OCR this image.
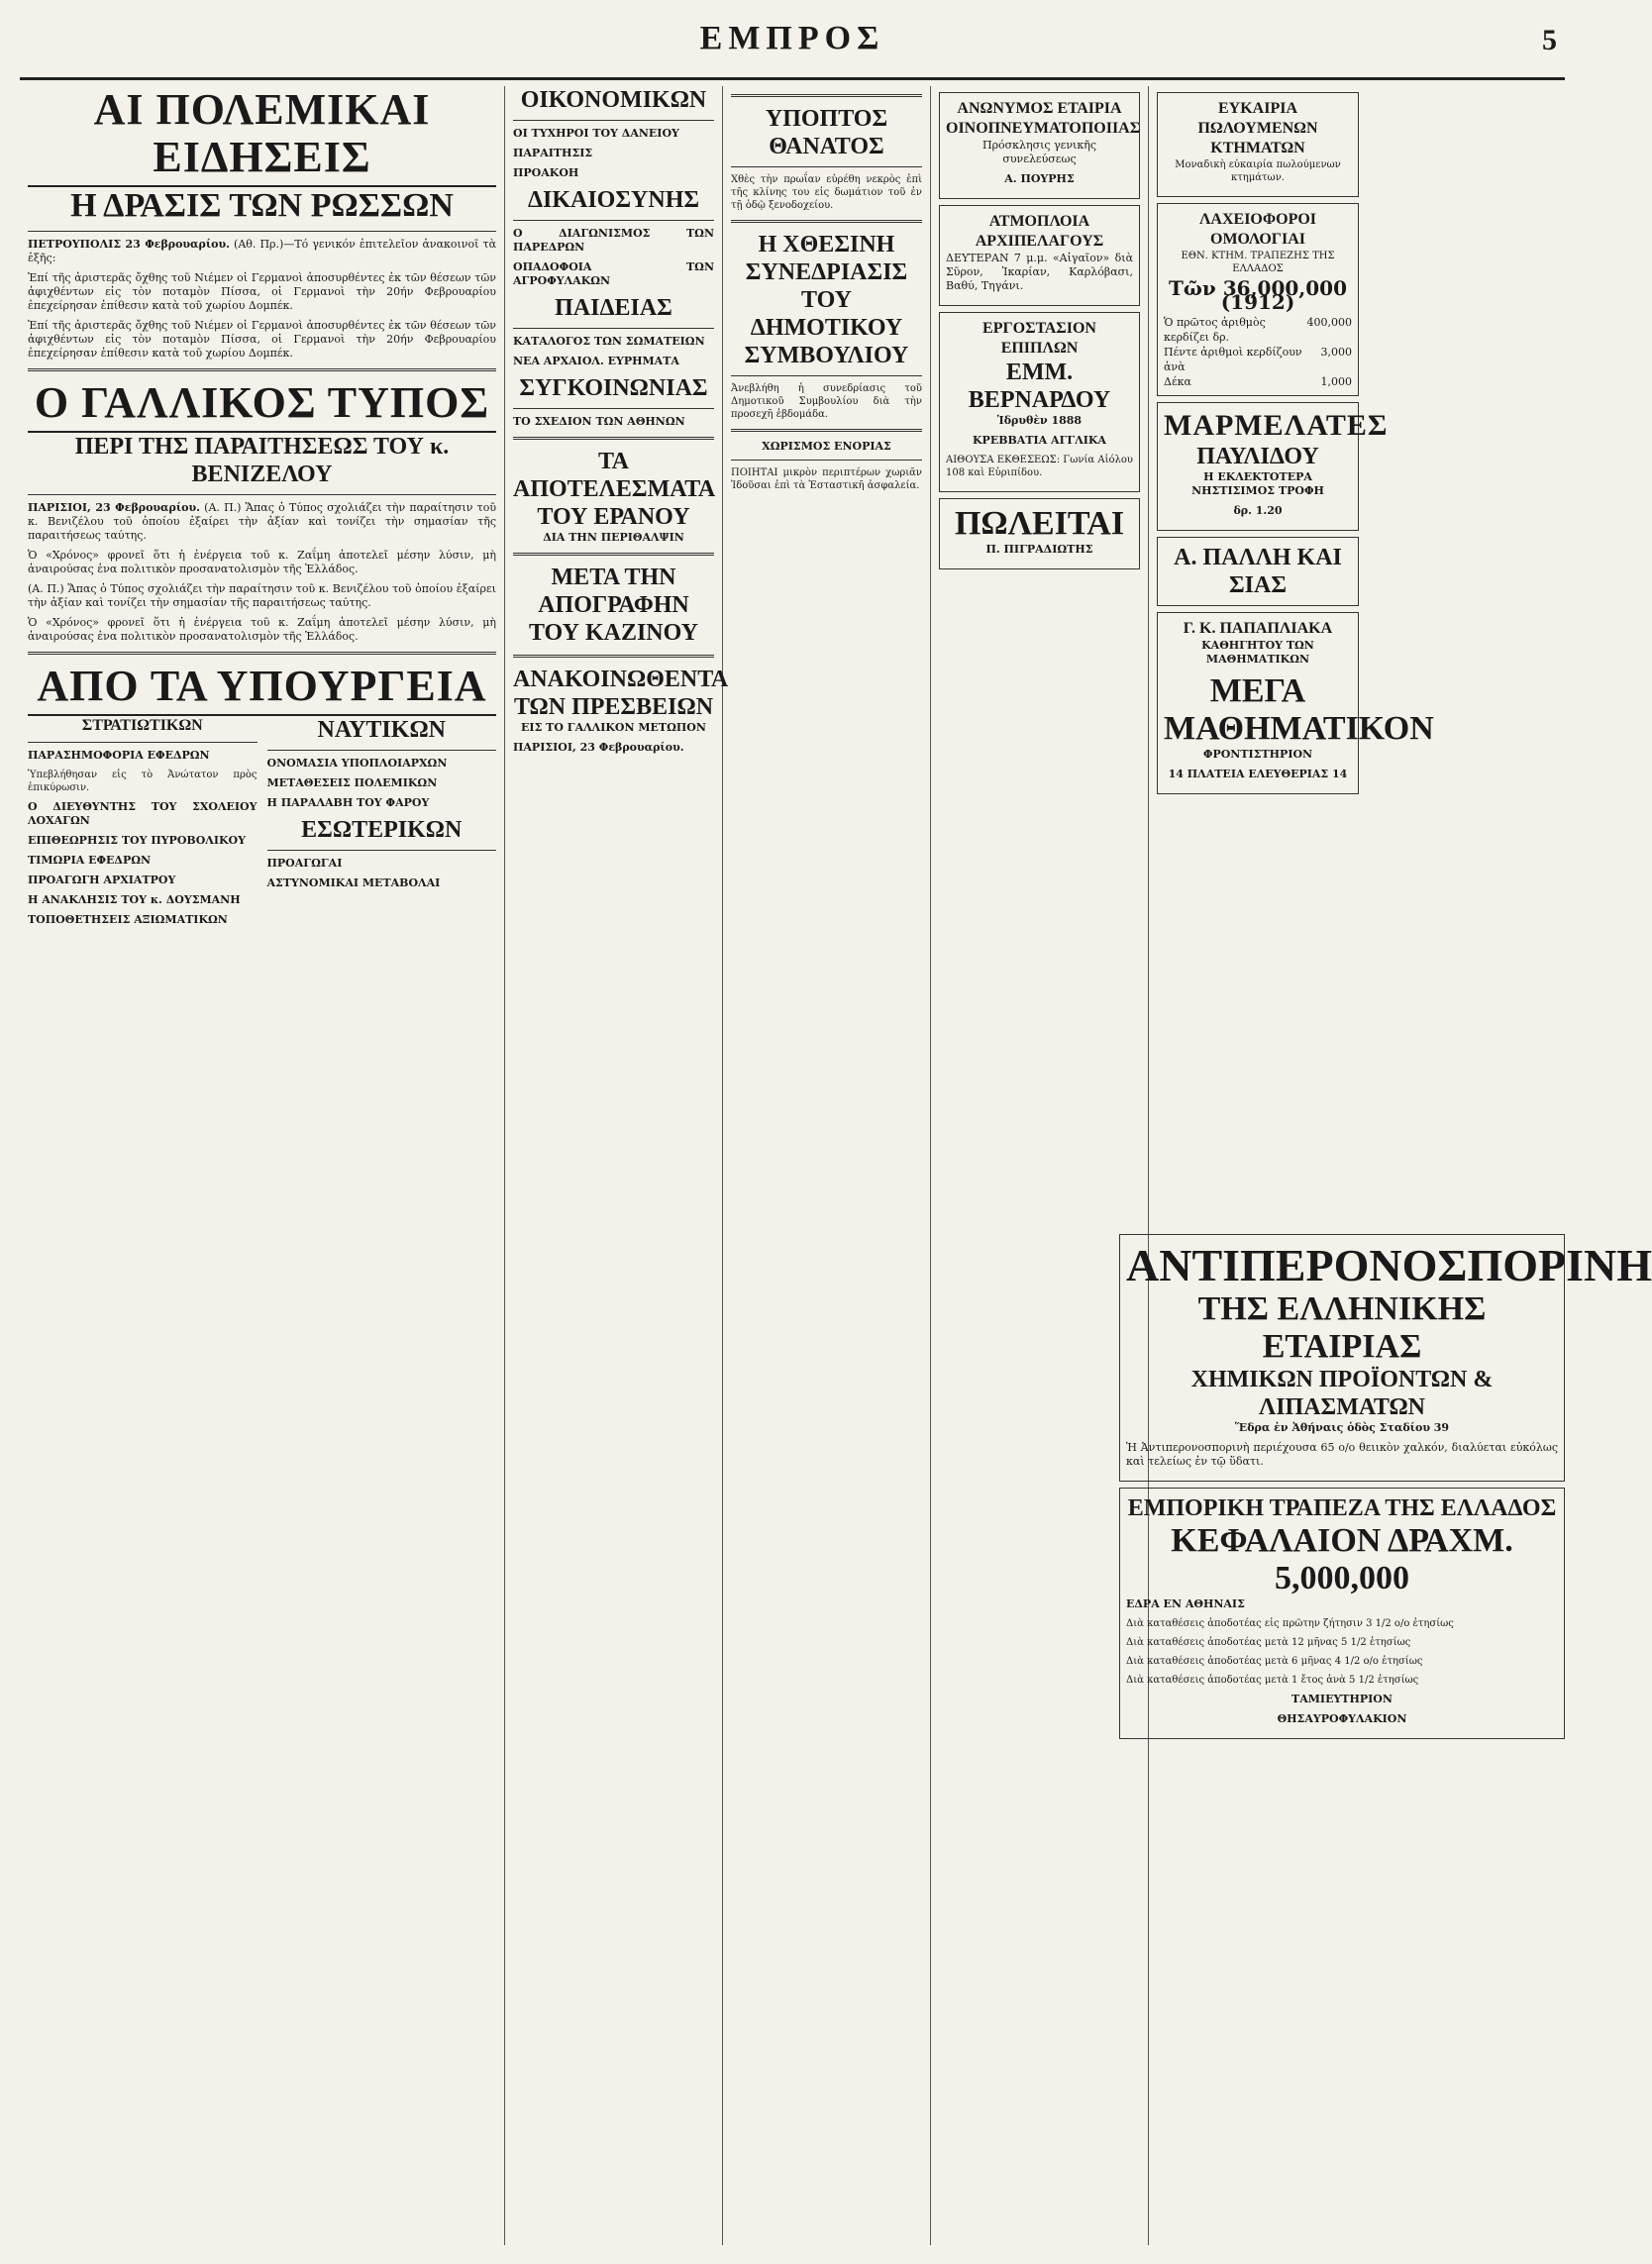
ΕΜΠΡΟΣ	5
ΑΙ ΠΟΛΕΜΙΚΑΙ ΕΙΔΗΣΕΙΣ
Η ΔΡΑΣΙΣ ΤΩΝ ΡΩΣΣΩΝ

ΠΕΤΡΟΥΠΟΛΙΣ 23 Φεβρουαρίου. (Αθ. Πρ.)—Τό γενικόν ἐπιτελεῖον ἀνακοινοῖ τὰ ἑξῆς:

Ἐπί τῆς ἀριστερᾶς ὄχθης τοῦ Νιέμεν οἱ Γερμανοὶ ἀποσυρθέντες ἐκ τῶν θέσεων τῶν ἀφιχθέντων εἰς τὸν ποταμὸν Πίσσα, οἱ Γερμανοὶ τὴν 20ήν Φεβρουαρίου ἐπεχείρησαν ἐπίθεσιν κατὰ τοῦ χωρίου Δομπέκ.

Ἐπί τῆς ἀριστερᾶς ὄχθης τοῦ Νιέμεν οἱ Γερμανοὶ ἀποσυρθέντες ἐκ τῶν θέσεων τῶν ἀφιχθέντων εἰς τὸν ποταμὸν Πίσσα, οἱ Γερμανοὶ τὴν 20ήν Φεβρουαρίου ἐπεχείρησαν ἐπίθεσιν κατὰ τοῦ χωρίου Δομπέκ.

Ο ΓΑΛΛΙΚΟΣ ΤΥΠΟΣ
ΠΕΡΙ ΤΗΣ ΠΑΡΑΙΤΗΣΕΩΣ ΤΟΥ κ. ΒΕΝΙΖΕΛΟΥ

ΠΑΡΙΣΙΟΙ, 23 Φεβρουαρίου. (Α. Π.) Ἅπας ὁ Τύπος σχολιάζει τὴν παραίτησιν τοῦ κ. Βενιζέλου τοῦ ὁποίου ἐξαίρει τὴν ἀξίαν καὶ τονίζει τὴν σημασίαν τῆς παραιτήσεως ταύτης.

Ὁ «Χρόνος» φρονεῖ ὅτι ἡ ἐνέργεια τοῦ κ. Ζαΐμη ἀποτελεῖ μέσην λύσιν, μὴ ἀναιρούσας ἐνα πολιτικὸν προσανατολισμὸν τῆς Ἑλλάδος.

(Α. Π.) Ἅπας ὁ Τύπος σχολιάζει τὴν παραίτησιν τοῦ κ. Βενιζέλου τοῦ ὁποίου ἐξαίρει τὴν ἀξίαν καὶ τονίζει τὴν σημασίαν τῆς παραιτήσεως ταύτης.

Ὁ «Χρόνος» φρονεῖ ὅτι ἡ ἐνέργεια τοῦ κ. Ζαΐμη ἀποτελεῖ μέσην λύσιν, μὴ ἀναιρούσας ἐνα πολιτικὸν προσανατολισμὸν τῆς Ἑλλάδος.

ΑΠΟ ΤΑ ΥΠΟΥΡΓΕΙΑ
ΣΤΡΑΤΙΩΤΙΚΩΝ

ΠΑΡΑΣΗΜΟΦΟΡΙΑ ΕΦΕΔΡΩΝ

Ὑπεβλήθησαν εἰς τὸ Ἀνώτατον πρὸς ἐπικύρωσιν.

Ο ΔΙΕΥΘΥΝΤΗΣ ΤΟΥ ΣΧΟΛΕΙΟΥ ΛΟΧΑΓΩΝ

ΕΠΙΘΕΩΡΗΣΙΣ ΤΟΥ ΠΥΡΟΒΟΛΙΚΟΥ

ΤΙΜΩΡΙΑ ΕΦΕΔΡΩΝ

ΠΡΟΑΓΩΓΗ ΑΡΧΙΑΤΡΟΥ

Η ΑΝΑΚΛΗΣΙΣ ΤΟΥ κ. ΔΟΥΣΜΑΝΗ

ΤΟΠΟΘΕΤΗΣΕΙΣ ΑΞΙΩΜΑΤΙΚΩΝ

ΝΑΥΤΙΚΩΝ

ΟΝΟΜΑΣΙΑ ΥΠΟΠΛΟΙΑΡΧΩΝ

ΜΕΤΑΘΕΣΕΙΣ ΠΟΛΕΜΙΚΩΝ

Η ΠΑΡΑΛΑΒΗ ΤΟΥ ΦΑΡΟΥ

ΕΣΩΤΕΡΙΚΩΝ

ΠΡΟΑΓΩΓΑΙ

ΑΣΤΥΝΟΜΙΚΑΙ ΜΕΤΑΒΟΛΑΙ

ΟΙΚΟΝΟΜΙΚΩΝ

ΟΙ ΤΥΧΗΡΟΙ ΤΟΥ ΔΑΝΕΙΟΥ

ΠΑΡΑΙΤΗΣΙΣ

ΠΡΟΑΚΟΗ

ΔΙΚΑΙΟΣΥΝΗΣ

Ο ΔΙΑΓΩΝΙΣΜΟΣ ΤΩΝ ΠΑΡΕΔΡΩΝ

ΟΠΑΔΟΦΟΙΑ ΤΩΝ ΑΓΡΟΦΥΛΑΚΩΝ

ΠΑΙΔΕΙΑΣ

ΚΑΤΑΛΟΓΟΣ ΤΩΝ ΣΩΜΑΤΕΙΩΝ

ΝΕΑ ΑΡΧΑΙΟΛ. ΕΥΡΗΜΑΤΑ

ΣΥΓΚΟΙΝΩΝΙΑΣ

ΤΟ ΣΧΕΔΙΟΝ ΤΩΝ ΑΘΗΝΩΝ

ΤΑ ΑΠΟΤΕΛΕΣΜΑΤΑ ΤΟΥ ΕΡΑΝΟΥ

ΔΙΑ ΤΗΝ ΠΕΡΙΘΑΛΨΙΝ

ΜΕΤΑ ΤΗΝ ΑΠΟΓΡΑΦΗΝ ΤΟΥ ΚΑΖΙΝΟΥ
ΑΝΑΚΟΙΝΩΘΕΝΤΑ ΤΩΝ ΠΡΕΣΒΕΙΩΝ

ΕΙΣ ΤΟ ΓΑΛΛΙΚΟΝ ΜΕΤΩΠΟΝ

ΠΑΡΙΣΙΟΙ, 23 Φεβρουαρίου.

ΥΠΟΠΤΟΣ ΘΑΝΑΤΟΣ

Χθὲς τὴν πρωΐαν εὑρέθη νεκρὸς ἐπὶ τῆς κλίνης του εἰς δωμάτιον τοῦ ἐν τῇ ὁδῷ ξενοδοχείου.

Η ΧΘΕΣΙΝΗ ΣΥΝΕΔΡΙΑΣΙΣ ΤΟΥ ΔΗΜΟΤΙΚΟΥ ΣΥΜΒΟΥΛΙΟΥ

Ἀνεβλήθη ἡ συνεδρίασις τοῦ Δημοτικοῦ Συμβουλίου διὰ τὴν προσεχῆ ἑβδομάδα.

ΧΩΡΙΣΜΟΣ ΕΝΟΡΙΑΣ

ΠΟΙΗΤΑΙ μικρὸν περιπτέρων χωριᾶν Ἰδοῦσαι ἐπὶ τὰ Ἑσταστικῆ ἀσφαλεία.

ΑΝΩΝΥΜΟΣ ΕΤΑΙΡΙΑ ΟΙΝΟΠΝΕΥΜΑΤΟΠΟΙΙΑΣ

Πρόσκλησις γενικῆς συνελεύσεως

Α. ΠΟΥΡΗΣ

ΑΤΜΟΠΛΟΙΑ ΑΡΧΙΠΕΛΑΓΟΥΣ

ΔΕΥΤΕΡΑΝ 7 μ.μ. «Αἰγαῖον» διὰ Σῦρον, Ἰκαρίαν, Καρλόβασι, Βαθύ, Τηγάνι.

ΕΡΓΟΣΤΑΣΙΟΝ ΕΠΙΠΛΩΝ
ΕΜΜ. ΒΕΡΝΑΡΔΟΥ

Ἱδρυθὲν 1888

ΚΡΕΒΒΑΤΙΑ ΑΓΓΛΙΚΑ

ΑΙΘΟΥΣΑ ΕΚΘΕΣΕΩΣ: Γωνία Αἰόλου 108 καὶ Εὐριπίδου.

ΠΩΛΕΙΤΑΙ

Π. ΠΙΓΡΑΔΙΩΤΗΣ

ΕΥΚΑΙΡΙΑ ΠΩΛΟΥΜΕΝΩΝ ΚΤΗΜΑΤΩΝ

Μοναδικὴ εὐκαιρία πωλούμενων κτημάτων.

ΛΑΧΕΙΟΦΟΡΟΙ ΟΜΟΛΟΓΙΑΙ

ΕΘΝ. ΚΤΗΜ. ΤΡΑΠΕΖΗΣ ΤΗΣ ΕΛΛΑΔΟΣ

Τῶν 36,000,000 (1912)

Ὁ πρῶτος ἀριθμὸς κερδίζει δρ.
400,000
Πέντε ἀριθμοὶ κερδίζουν ἀνὰ
3,000
Δέκα	1,000
ΜΑΡΜΕΛΑΤΕΣ
ΠΑΥΛΙΔΟΥ

Η ΕΚΛΕΚΤΟΤΕΡΑ ΝΗΣΤΙΣΙΜΟΣ ΤΡΟΦΗ

δρ. 1.20

Α. ΠΑΛΛΗ ΚΑΙ ΣΙΑΣ
Γ. Κ. ΠΑΠΑΠΛΙΑΚΑ

ΚΑΘΗΓΗΤΟΥ ΤΩΝ ΜΑΘΗΜΑΤΙΚΩΝ

ΜΕΓΑ ΜΑΘΗΜΑΤΙΚΟΝ

ΦΡΟΝΤΙΣΤΗΡΙΟΝ

14 ΠΛΑΤΕΙΑ ΕΛΕΥΘΕΡΙΑΣ 14

ΑΝΤΙΠΕΡΟΝΟΣΠΟΡΙΝΗ
ΤΗΣ ΕΛΛΗΝΙΚΗΣ ΕΤΑΙΡΙΑΣ
ΧΗΜΙΚΩΝ ΠΡΟΪΟΝΤΩΝ & ΛΙΠΑΣΜΑΤΩΝ

Ἕδρα ἐν Ἀθήναις ὁδὸς Σταδίου 39

Ἡ Ἀντιπερονοσπορινὴ περιέχουσα 65 ο/ο θειικὸν χαλκόν, διαλύεται εὐκόλως καὶ τελείως ἐν τῷ ὕδατι.

ΕΜΠΟΡΙΚΗ ΤΡΑΠΕΖΑ ΤΗΣ ΕΛΛΑΔΟΣ
ΚΕΦΑΛΑΙΟΝ ΔΡΑΧΜ. 5,000,000

ΕΔΡΑ ΕΝ ΑΘΗΝΑΙΣ

Διὰ καταθέσεις ἀποδοτέας εἰς πρῶτην ζήτησιν 3 1/2 ο/ο ἐτησίως

Διὰ καταθέσεις ἀποδοτέας μετὰ 12 μῆνας 5 1/2 ἐτησίως

Διὰ καταθέσεις ἀποδοτέας μετὰ 6 μῆνας 4 1/2 ο/ο ἐτησίως

Διὰ καταθέσεις ἀποδοτέας μετὰ 1 ἔτος ἀνὰ 5 1/2 ἐτησίως

ΤΑΜΙΕΥΤΗΡΙΟΝ

ΘΗΣΑΥΡΟΦΥΛΑΚΙΟΝ
